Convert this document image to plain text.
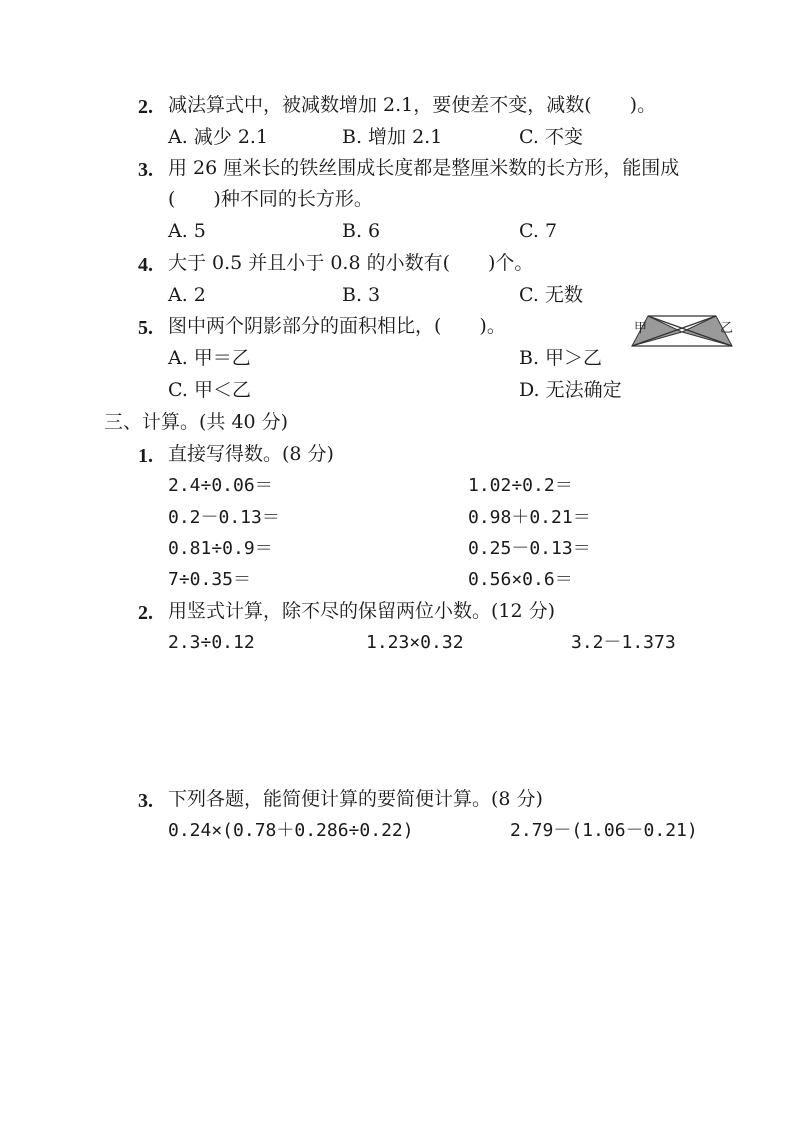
2. 减法算式中，被减数增加 2.1，要使差不变，减数(　　)。
A. 减少 2.1	B. 增加 2.1	C. 不变
3. 用 26 厘米长的铁丝围成长度都是整厘米数的长方形，能围成
(　　)种不同的长方形。
A. 5	B. 6	C. 7
4. 大于 0.5 并且小于 0.8 的小数有(　　)个。
A. 2	B. 3	C. 无数
5. 图中两个阴影部分的面积相比，(　　)。
A. 甲＝乙	B. 甲＞乙
C. 甲＜乙	D. 无法确定
甲	乙
三、计算。(共 40 分)
1. 直接写得数。(8 分)
2.4÷0.06＝	1.02÷0.2＝
0.2－0.13＝	0.98＋0.21＝
0.81÷0.9＝	0.25－0.13＝
7÷0.35＝	0.56×0.6＝
2. 用竖式计算，除不尽的保留两位小数。(12 分)
2.3÷0.12	1.23×0.32	3.2－1.373
3. 下列各题，能简便计算的要简便计算。(8 分)
0.24×(0.78＋0.286÷0.22)	2.79－(1.06－0.21)
